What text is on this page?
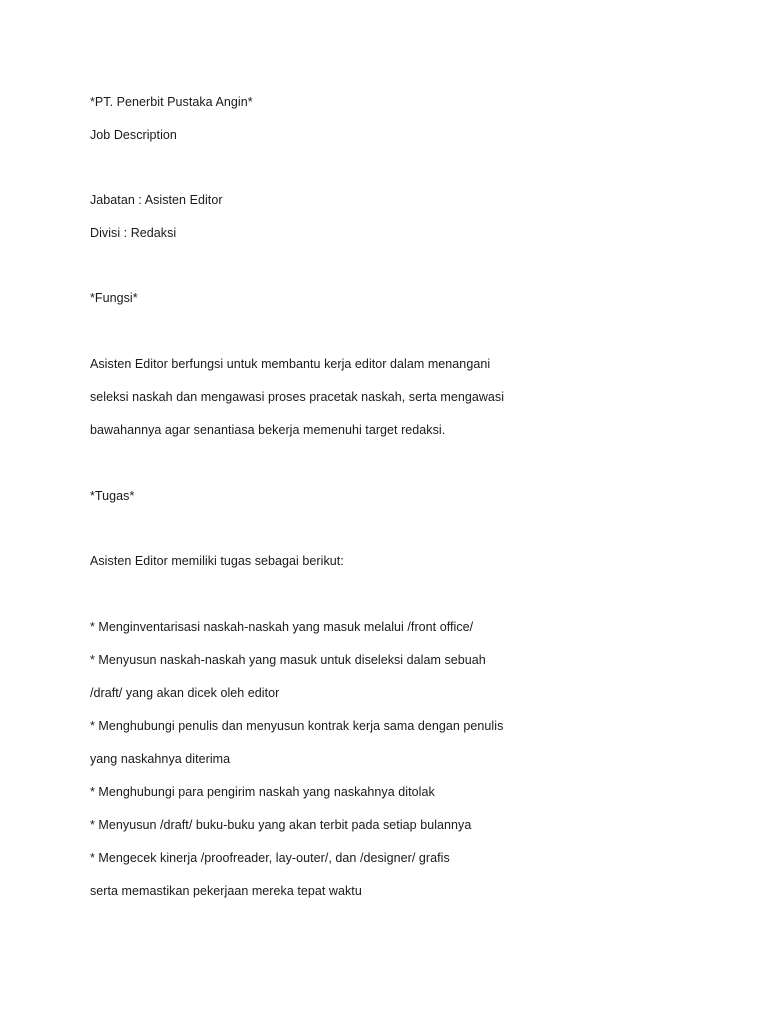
*PT. Penerbit Pustaka Angin*
Job Description
Jabatan : Asisten Editor
Divisi : Redaksi
*Fungsi*
Asisten Editor berfungsi untuk membantu kerja editor dalam menangani
seleksi naskah dan mengawasi proses pracetak naskah, serta mengawasi
bawahannya agar senantiasa bekerja memenuhi target redaksi.
*Tugas*
Asisten Editor memiliki tugas sebagai berikut:
* Menginventarisasi naskah-naskah yang masuk melalui /front office/
* Menyusun naskah-naskah yang masuk untuk diseleksi dalam sebuah
/draft/ yang akan dicek oleh editor
* Menghubungi penulis dan menyusun kontrak kerja sama dengan penulis
yang naskahnya diterima
* Menghubungi para pengirim naskah yang naskahnya ditolak
* Menyusun /draft/ buku-buku yang akan terbit pada setiap bulannya
* Mengecek kinerja /proofreader, lay-outer/, dan /designer/ grafis
serta memastikan pekerjaan mereka tepat waktu
